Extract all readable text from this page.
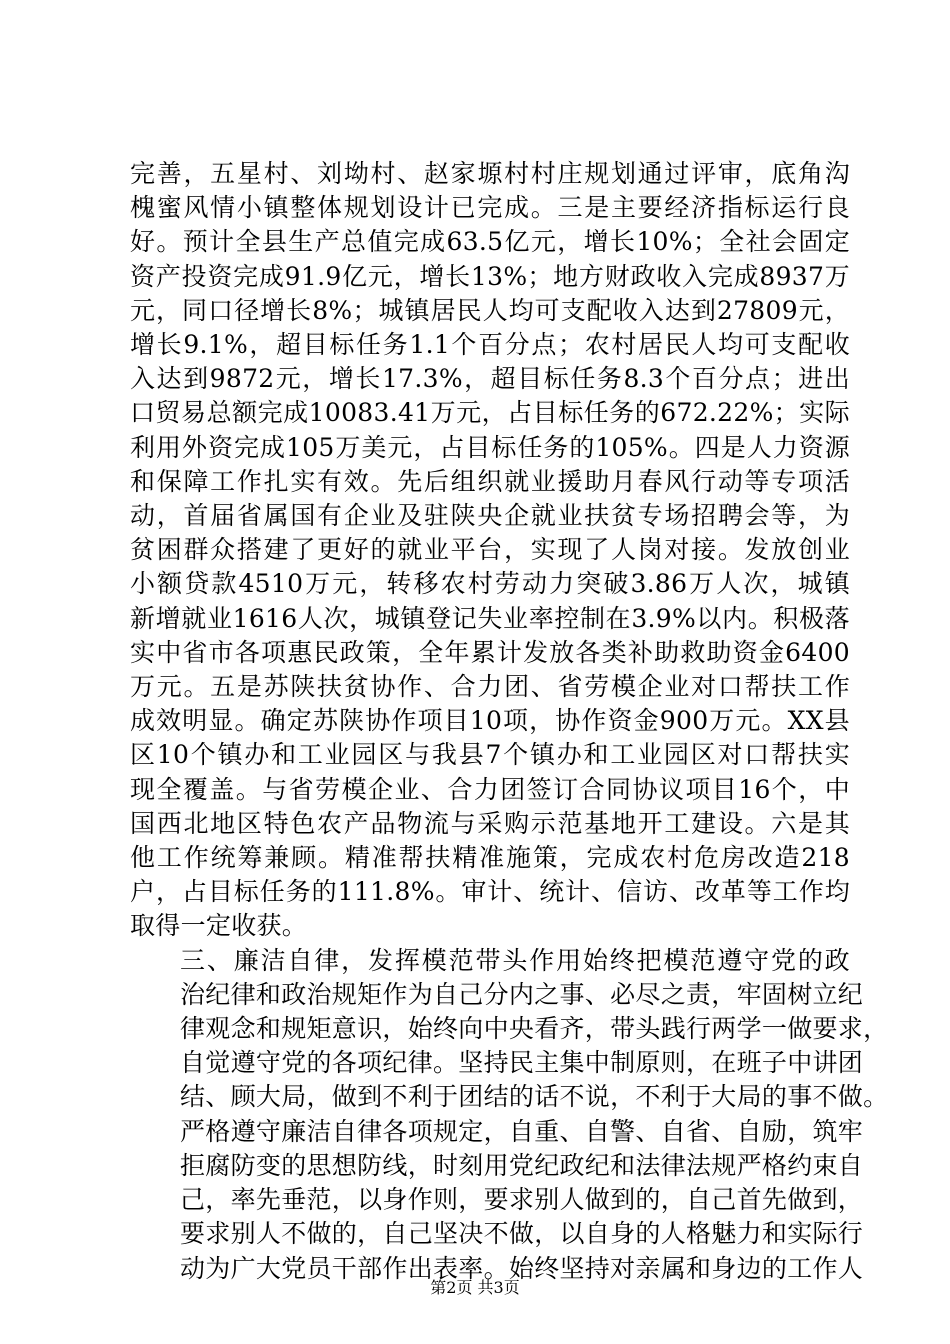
完善，五星村、刘坳村、赵家塬村村庄规划通过评审，底角沟
槐蜜风情小镇整体规划设计已完成。三是主要经济指标运行良
好。预计全县生产总值完成63.5亿元，增长10%；全社会固定
资产投资完成91.9亿元，增长13%；地方财政收入完成8937万
元，同口径增长8%；城镇居民人均可支配收入达到27809元，
增长9.1%，超目标任务1.1个百分点；农村居民人均可支配收
入达到9872元，增长17.3%，超目标任务8.3个百分点；进出
口贸易总额完成10083.41万元，占目标任务的672.22%；实际
利用外资完成105万美元，占目标任务的105%。四是人力资源
和保障工作扎实有效。先后组织就业援助月春风行动等专项活
动，首届省属国有企业及驻陕央企就业扶贫专场招聘会等，为
贫困群众搭建了更好的就业平台，实现了人岗对接。发放创业
小额贷款4510万元，转移农村劳动力突破3.86万人次，城镇
新增就业1616人次，城镇登记失业率控制在3.9%以内。积极落
实中省市各项惠民政策，全年累计发放各类补助救助资金6400
万元。五是苏陕扶贫协作、合力团、省劳模企业对口帮扶工作
成效明显。确定苏陕协作项目10项，协作资金900万元。XX县
区10个镇办和工业园区与我县7个镇办和工业园区对口帮扶实
现全覆盖。与省劳模企业、合力团签订合同协议项目16个，中
国西北地区特色农产品物流与采购示范基地开工建设。六是其
他工作统筹兼顾。精准帮扶精准施策，完成农村危房改造218
户，占目标任务的111.8%。审计、统计、信访、改革等工作均
取得一定收获。
三、廉洁自律，发挥模范带头作用始终把模范遵守党的政
治纪律和政治规矩作为自己分内之事、必尽之责，牢固树立纪
律观念和规矩意识，始终向中央看齐，带头践行两学一做要求，
自觉遵守党的各项纪律。坚持民主集中制原则，在班子中讲团
结、顾大局，做到不利于团结的话不说，不利于大局的事不做。
严格遵守廉洁自律各项规定，自重、自警、自省、自励，筑牢
拒腐防变的思想防线，时刻用党纪政纪和法律法规严格约束自
己，率先垂范，以身作则，要求别人做到的，自己首先做到，
要求别人不做的，自己坚决不做，以自身的人格魅力和实际行
动为广大党员干部作出表率。始终坚持对亲属和身边的工作人
第2页 共3页
